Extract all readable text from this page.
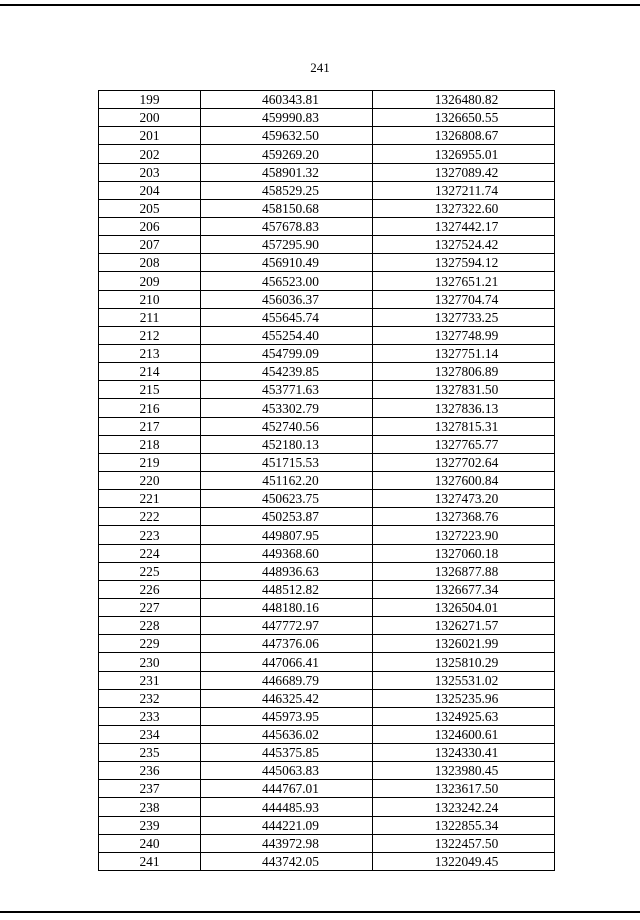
241
199	460343.81	1326480.82
200	459990.83	1326650.55
201	459632.50	1326808.67
202	459269.20	1326955.01
203	458901.32	1327089.42
204	458529.25	1327211.74
205	458150.68	1327322.60
206	457678.83	1327442.17
207	457295.90	1327524.42
208	456910.49	1327594.12
209	456523.00	1327651.21
210	456036.37	1327704.74
211	455645.74	1327733.25
212	455254.40	1327748.99
213	454799.09	1327751.14
214	454239.85	1327806.89
215	453771.63	1327831.50
216	453302.79	1327836.13
217	452740.56	1327815.31
218	452180.13	1327765.77
219	451715.53	1327702.64
220	451162.20	1327600.84
221	450623.75	1327473.20
222	450253.87	1327368.76
223	449807.95	1327223.90
224	449368.60	1327060.18
225	448936.63	1326877.88
226	448512.82	1326677.34
227	448180.16	1326504.01
228	447772.97	1326271.57
229	447376.06	1326021.99
230	447066.41	1325810.29
231	446689.79	1325531.02
232	446325.42	1325235.96
233	445973.95	1324925.63
234	445636.02	1324600.61
235	445375.85	1324330.41
236	445063.83	1323980.45
237	444767.01	1323617.50
238	444485.93	1323242.24
239	444221.09	1322855.34
240	443972.98	1322457.50
241	443742.05	1322049.45
